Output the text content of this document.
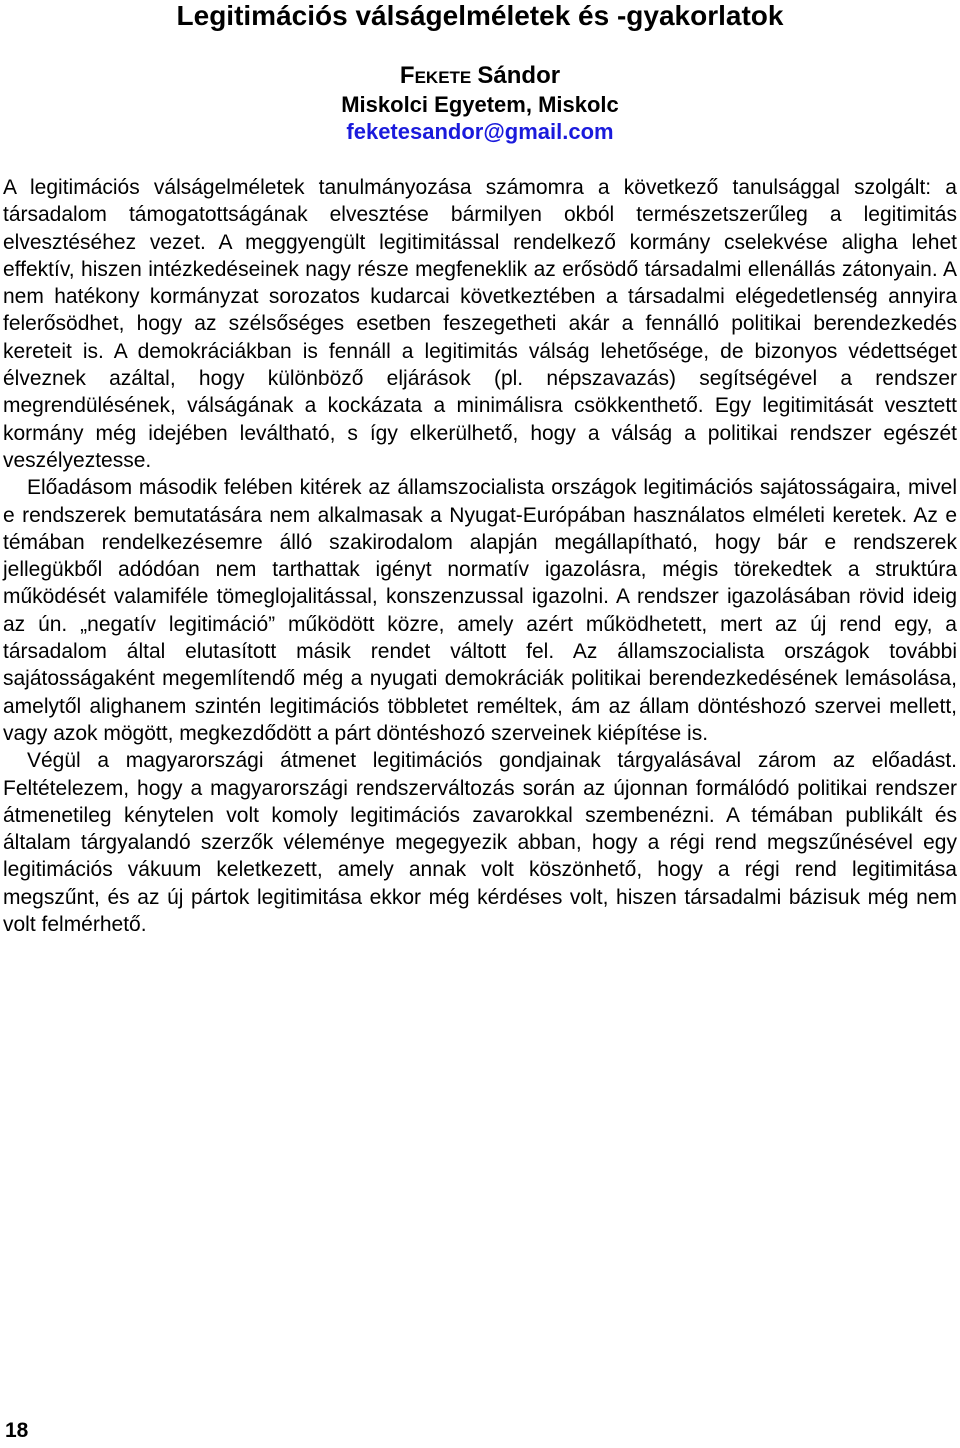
Legitimációs válságelméletek és -gyakorlatok
FEKETE Sándor
Miskolci Egyetem, Miskolc
feketesandor@gmail.com

A legitimációs válságelméletek tanulmányozása számomra a következő tanulsággal szolgált: a társadalom támogatottságának elvesztése bármilyen okból természetszerűleg a legitimitás elvesztéséhez vezet. A meggyengült legitimitással rendelkező kormány cselekvése aligha lehet effektív, hiszen intézkedéseinek nagy része megfeneklik az erősödő társadalmi ellenállás zátonyain. A nem hatékony kormányzat sorozatos kudarcai következtében a társadalmi elégedetlenség annyira felerősödhet, hogy az szélsőséges esetben feszegetheti akár a fennálló politikai berendezkedés kereteit is. A demokráciákban is fennáll a legitimitás válság lehetősége, de bizonyos védettséget élveznek azáltal, hogy különböző eljárások (pl. népszavazás) segítségével a rendszer megrendülésének, válságának a kockázata a minimálisra csökkenthető. Egy legitimitását vesztett kormány még idejében leváltható, s így elkerülhető, hogy a válság a politikai rendszer egészét veszélyeztesse.

Előadásom második felében kitérek az államszocialista országok legitimációs sajátosságaira, mivel e rendszerek bemutatására nem alkalmasak a Nyugat-Európában használatos elméleti keretek. Az e témában rendelkezésemre álló szakirodalom alapján megállapítható, hogy bár e rendszerek jellegükből adódóan nem tarthattak igényt normatív igazolásra, mégis törekedtek a struktúra működését valamiféle tömeglojalitással, konszenzussal igazolni. A rendszer igazolásában rövid ideig az ún. „negatív legitimáció” működött közre, amely azért működhetett, mert az új rend egy, a társadalom által elutasított másik rendet váltott fel. Az államszocialista országok további sajátosságaként megemlítendő még a nyugati demokráciák politikai berendezkedésének lemásolása, amelytől alighanem szintén legitimációs többletet reméltek, ám az állam döntéshozó szervei mellett, vagy azok mögött, megkezdődött a párt döntéshozó szerveinek kiépítése is.

Végül a magyarországi átmenet legitimációs gondjainak tárgyalásával zárom az előadást. Feltételezem, hogy a magyarországi rendszerváltozás során az újonnan formálódó politikai rendszer átmenetileg kénytelen volt komoly legitimációs zavarokkal szembenézni. A témában publikált és általam tárgyalandó szerzők véleménye megegyezik abban, hogy a régi rend megszűnésével egy legitimációs vákuum keletkezett, amely annak volt köszönhető, hogy a régi rend legitimitása megszűnt, és az új pártok legitimitása ekkor még kérdéses volt, hiszen társadalmi bázisuk még nem volt felmérhető.

18
